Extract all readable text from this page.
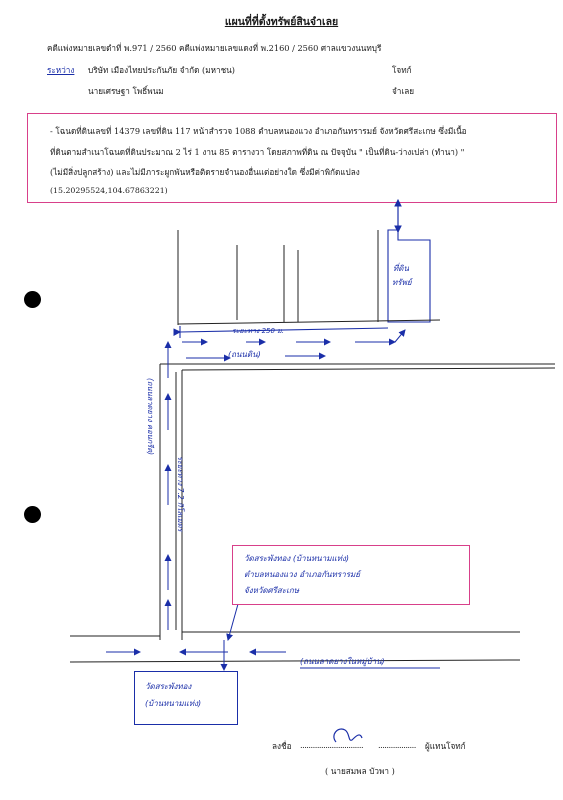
แผนที่ที่ตั้งทรัพย์สินจำเลย
คดีแพ่งหมายเลขดำที่ พ.971 / 2560 คดีแพ่งหมายเลขแดงที่ พ.2160 / 2560 ศาลแขวงนนทบุรี
ระหว่าง บริษัท เมืองไทยประกันภัย จำกัด (มหาชน)	โจทก์
นายเศรษฐา โพธิ์พนม	จำเลย
- โฉนดที่ดินเลขที่ 14379 เลขที่ดิน 117 หน้าสำรวจ 1088 ตำบลหนองแวง อำเภอกันทรารมย์ จังหวัดศรีสะเกษ ซึ่งมีเนื้อ
ที่ดินตามสำเนาโฉนดที่ดินประมาณ 2 ไร่ 1 งาน 85 ตารางวา โดยสภาพที่ดิน ณ ปัจจุบัน " เป็นที่ดิน-ว่างเปล่า (ทำนา) "
(ไม่มีสิ่งปลูกสร้าง) และไม่มีภาระผูกพันหรือติดรายจำนองอื่นแต่อย่างใด ซึ่งมีค่าพิกัดแปลง
(15.20295524,104.67863221)
ที่ดิน
ทรัพย์
ระยะทาง 250 ม.
(ถนนดิน)
(ถนนลาดยาง คอนกรีต)
ระยะทาง 7.2 กิโลเมตร
(ถนนลาดยางในหมู่บ้าน)
วัดสระพังทอง (บ้านหนามแท่ง)
ตำบลหนองแวง อำเภอกันทรารมย์
จังหวัดศรีสะเกษ
วัดสระพังทอง
(บ้านหนามแท่ง)
ลงชื่อ .............................. .................. ผู้แทนโจทก์
( นายสมพล บัวพา )
